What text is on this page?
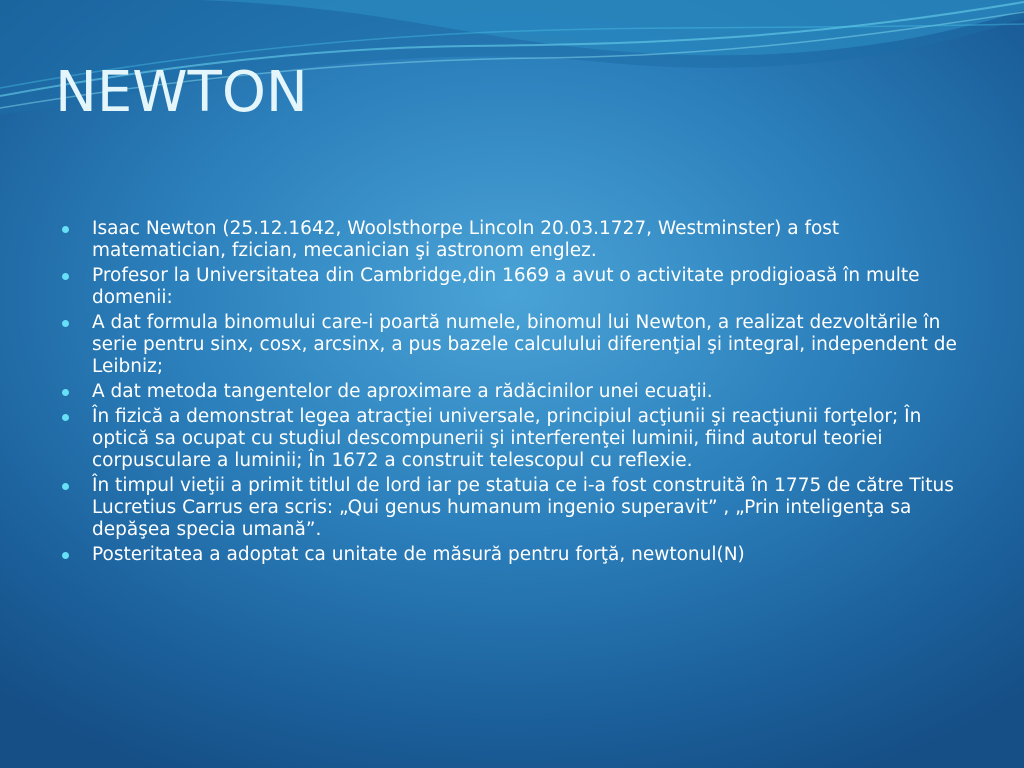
NEWTON
Isaac Newton (25.12.1642, Woolsthorpe Lincoln 20.03.1727, Westminster) a fost matematician, fzician, mecanician şi astronom englez.
Profesor la Universitatea din Cambridge,din 1669 a avut o activitate prodigioasă în multe domenii:
A dat formula binomului care-i poartă numele, binomul lui Newton, a realizat dezvoltările în serie pentru sinx, cosx, arcsinx, a pus bazele calculului diferenţial şi integral, independent de Leibniz;
A dat metoda tangentelor de aproximare a rădăcinilor unei ecuaţii.
În fizică a demonstrat legea atracţiei universale, principiul acţiunii şi reacţiunii forţelor; În optică sa ocupat cu studiul descompunerii şi interferenţei luminii, fiind autorul teoriei corpusculare a luminii; În 1672 a construit telescopul cu reflexie.
În timpul vieţii a primit titlul de lord iar pe statuia ce i-a fost construită în 1775 de către Titus Lucretius Carrus era scris: „Qui genus humanum ingenio superavit” , „Prin inteligenţa sa depăşea specia umană”.
Posteritatea a adoptat ca unitate de măsură pentru forţă, newtonul(N)
